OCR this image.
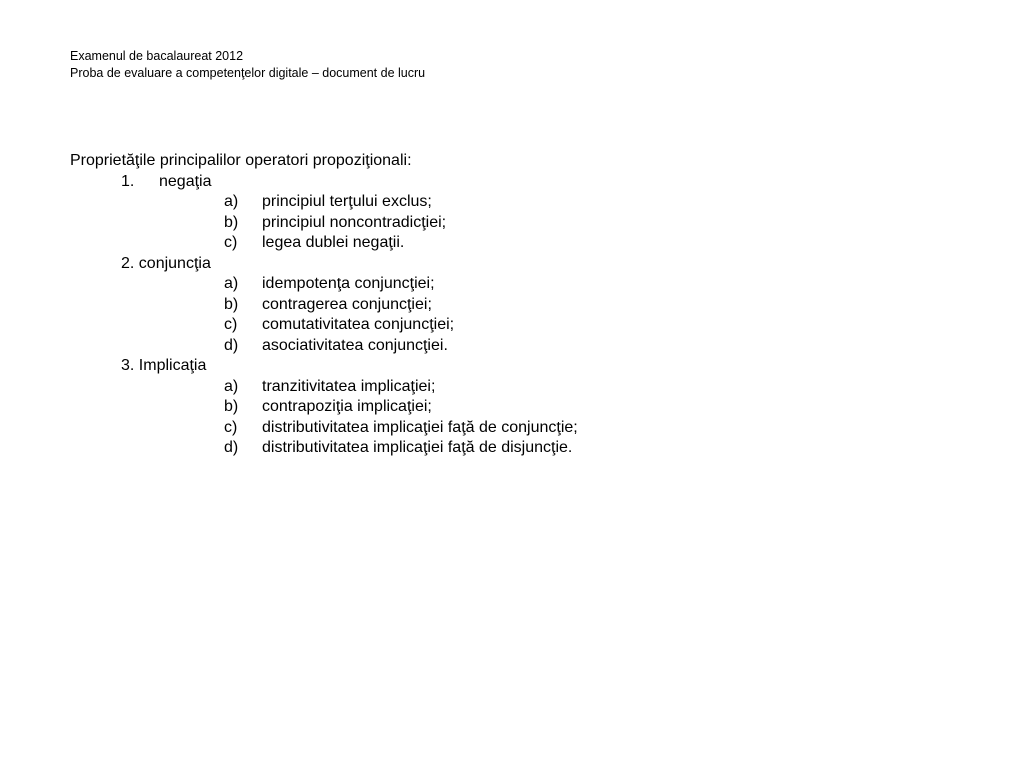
Examenul de bacalaureat 2012
Proba de evaluare a competenţelor digitale – document de lucru
Proprietăţile principalilor operatori propoziţionali:
1. negaţia
a) principiul terţului exclus;
b) principiul noncontradicţiei;
c) legea dublei negaţii.
2. conjuncţia
a) idempotenţa conjuncţiei;
b) contragerea conjuncţiei;
c) comutativitatea conjuncţiei;
d) asociativitatea conjuncţiei.
3. Implicaţia
a) tranzitivitatea implicaţiei;
b) contrapoziţia implicaţiei;
c) distributivitatea implicaţiei faţă de conjuncţie;
d) distributivitatea implicaţiei faţă de disjuncţie.
